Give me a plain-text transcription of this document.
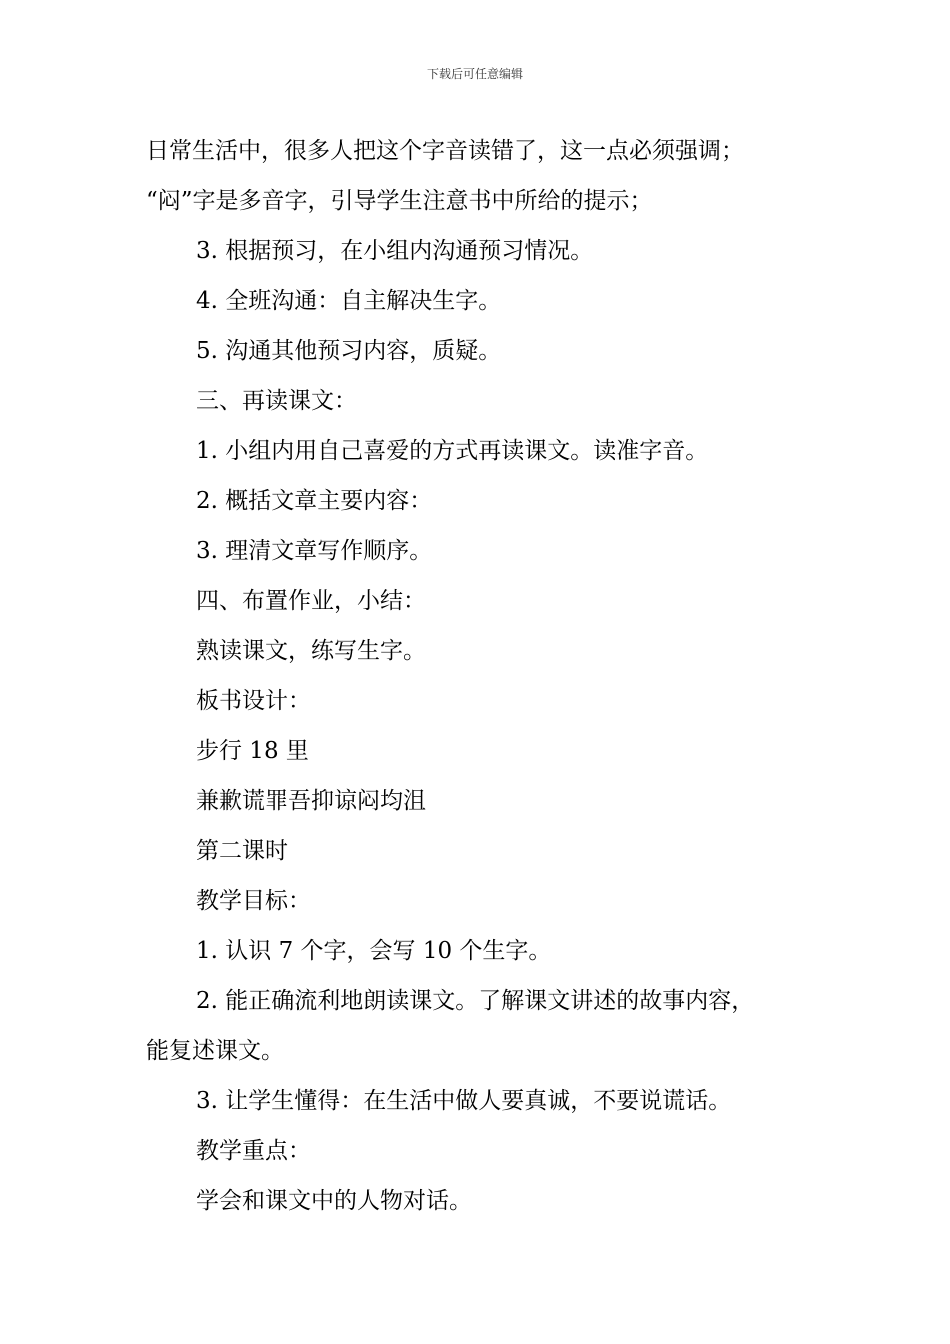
下载后可任意编辑
日常生活中，很多人把这个字音读错了，这一点必须强调；
“闷”字是多音字，引导学生注意书中所给的提示；
3. 根据预习，在小组内沟通预习情况。
4. 全班沟通：自主解决生字。
5. 沟通其他预习内容，质疑。
三、再读课文：
1. 小组内用自己喜爱的方式再读课文。读准字音。
2. 概括文章主要内容：
3. 理清文章写作顺序。
四、布置作业，小结：
熟读课文，练写生字。
板书设计：
步行 18 里
兼歉谎罪吾抑谅闷均沮
第二课时
教学目标：
1. 认识 7 个字，会写 10 个生字。
2. 能正确流利地朗读课文。了解课文讲述的故事内容，
能复述课文。
3. 让学生懂得：在生活中做人要真诚，不要说谎话。
教学重点：
学会和课文中的人物对话。
